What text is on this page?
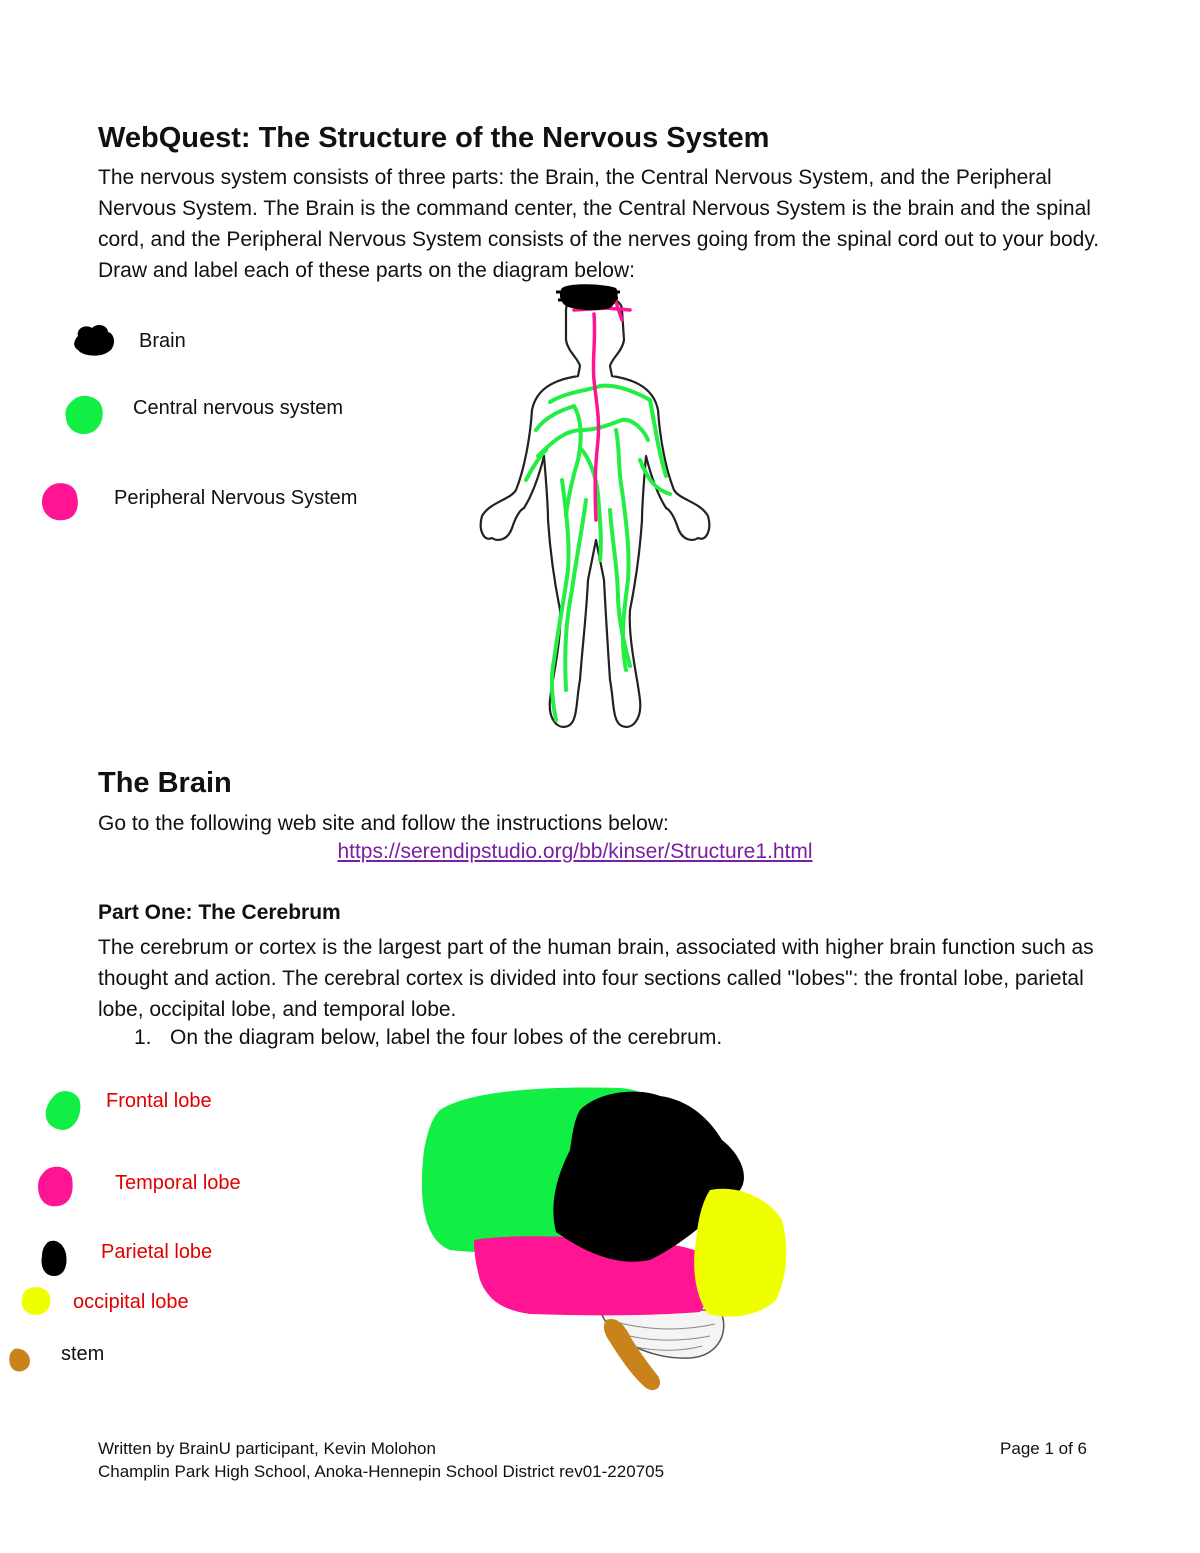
WebQuest: The Structure of the Nervous System
The nervous system consists of three parts: the Brain, the Central Nervous System, and the Peripheral Nervous System. The Brain is the command center, the Central Nervous System is the brain and the spinal cord, and the Peripheral Nervous System consists of the nerves going from the spinal cord out to your body. Draw and label each of these parts on the diagram below:
Brain
Central nervous system
Peripheral Nervous System
The Brain
Go to the following web site and follow the instructions below:
https://serendipstudio.org/bb/kinser/Structure1.html
Part One: The Cerebrum
The cerebrum or cortex is the largest part of the human brain, associated with higher brain function such as thought and action. The cerebral cortex is divided into four sections called "lobes": the frontal lobe, parietal lobe, occipital lobe, and temporal lobe.
1. On the diagram below, label the four lobes of the cerebrum.
Frontal lobe
Temporal lobe
Parietal lobe
occipital lobe
stem
Written by BrainU participant, Kevin Molohon
Champlin Park High School, Anoka-Hennepin School District rev01-220705
Page 1 of 6
